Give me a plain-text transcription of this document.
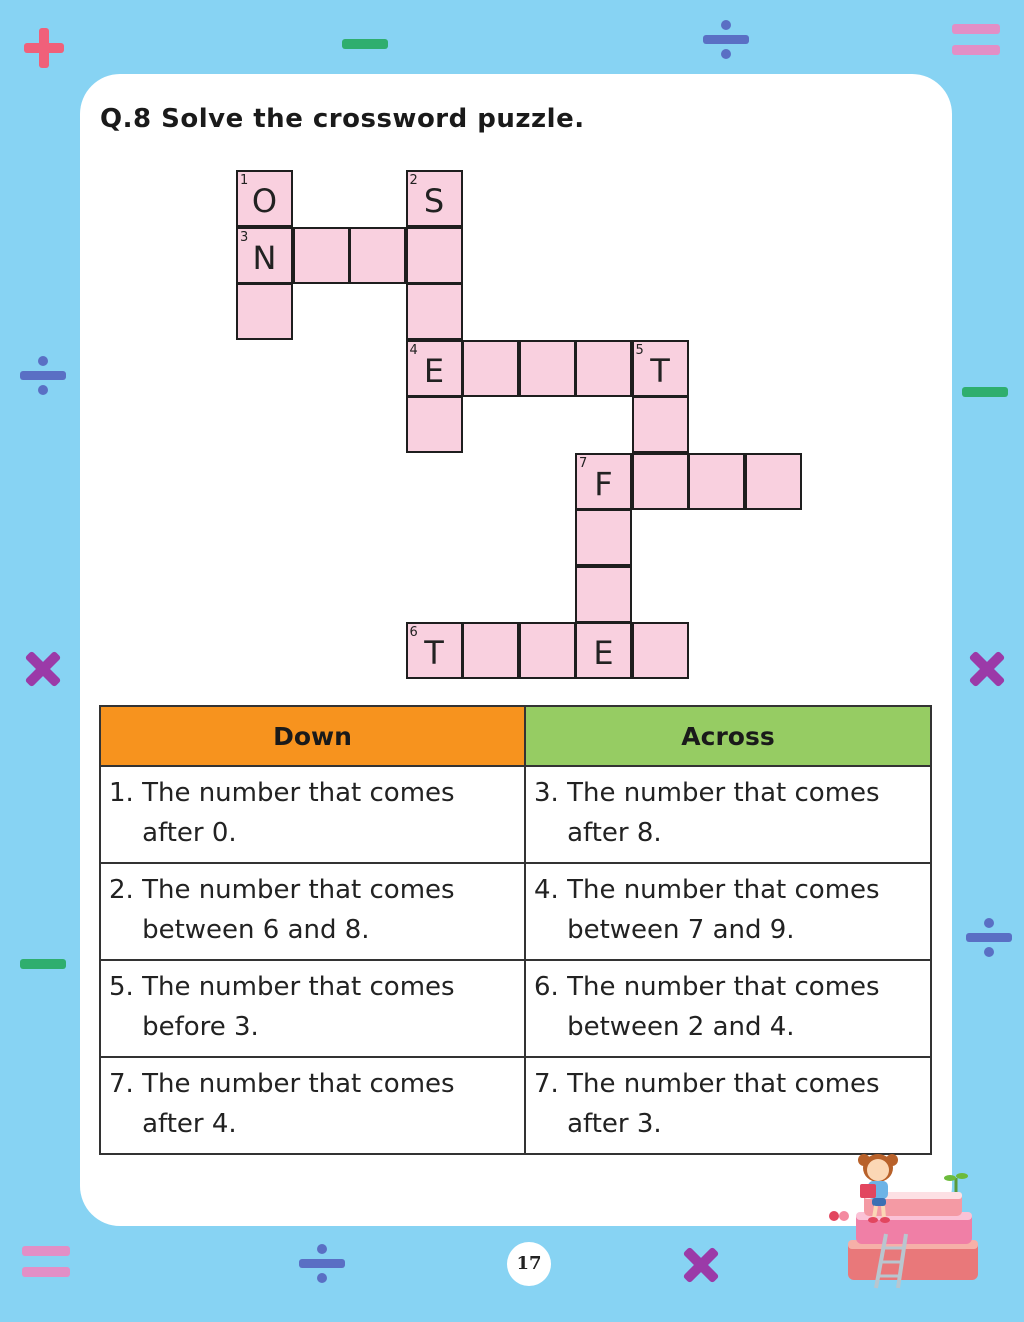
Q.8 Solve the crossword puzzle.
1
O
2
S
3
N
4
E
5
T
7
F
6
T	E
Down	Across

1. The number that comes after 0.	3. The number that comes after 8.

2. The number that comes between 6 and 8.	4. The number that comes between 7 and 9.

5. The number that comes before 3.	6. The number that comes between 2 and 4.

7. The number that comes after 4.	7. The number that comes after 3.
17
